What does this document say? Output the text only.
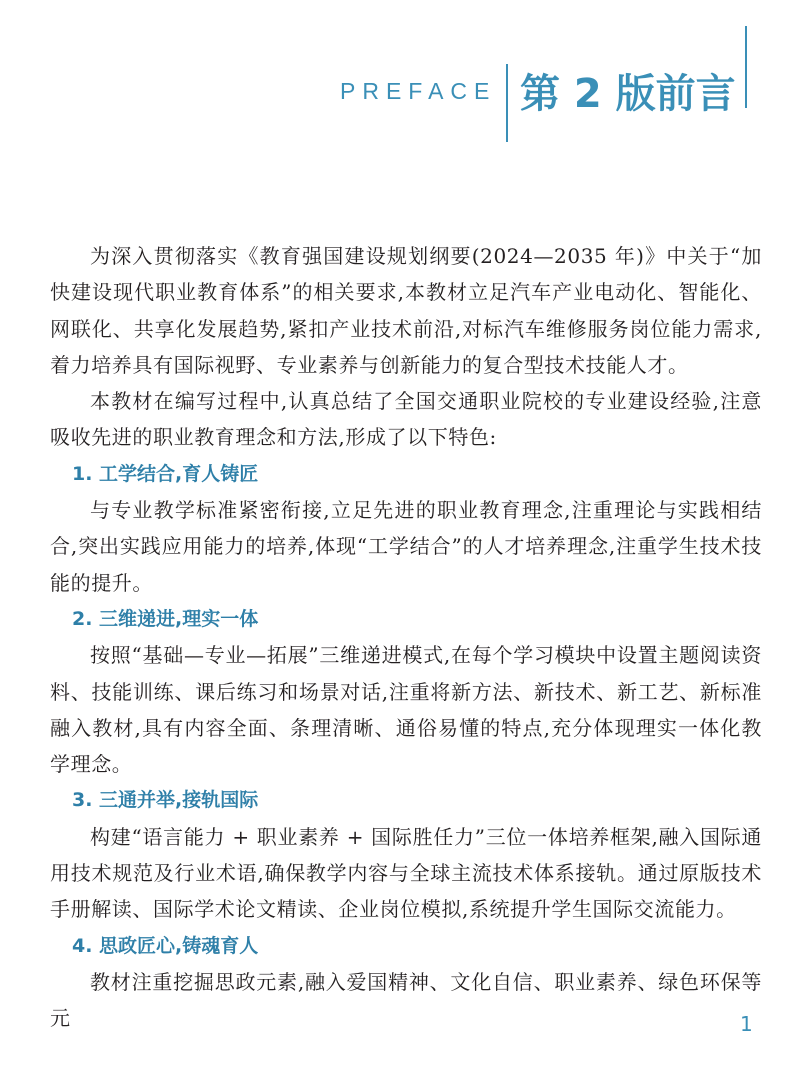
PREFACE 第 2 版前言

为深入贯彻落实《教育强国建设规划纲要(2024—2035 年)》中关于“加快建设现代职业教育体系”的相关要求,本教材立足汽车产业电动化、智能化、网联化、共享化发展趋势,紧扣产业技术前沿,对标汽车维修服务岗位能力需求,着力培养具有国际视野、专业素养与创新能力的复合型技术技能人才。

本教材在编写过程中,认真总结了全国交通职业院校的专业建设经验,注意吸收先进的职业教育理念和方法,形成了以下特色:

1. 工学结合,育人铸匠

与专业教学标准紧密衔接,立足先进的职业教育理念,注重理论与实践相结合,突出实践应用能力的培养,体现“工学结合”的人才培养理念,注重学生技术技能的提升。

2. 三维递进,理实一体

按照“基础—专业—拓展”三维递进模式,在每个学习模块中设置主题阅读资料、技能训练、课后练习和场景对话,注重将新方法、新技术、新工艺、新标准融入教材,具有内容全面、条理清晰、通俗易懂的特点,充分体现理实一体化教学理念。

3. 三通并举,接轨国际

构建“语言能力 + 职业素养 + 国际胜任力”三位一体培养框架,融入国际通用技术规范及行业术语,确保教学内容与全球主流技术体系接轨。通过原版技术手册解读、国际学术论文精读、企业岗位模拟,系统提升学生国际交流能力。

4. 思政匠心,铸魂育人

教材注重挖掘思政元素,融入爱国精神、文化自信、职业素养、绿色环保等元	1
